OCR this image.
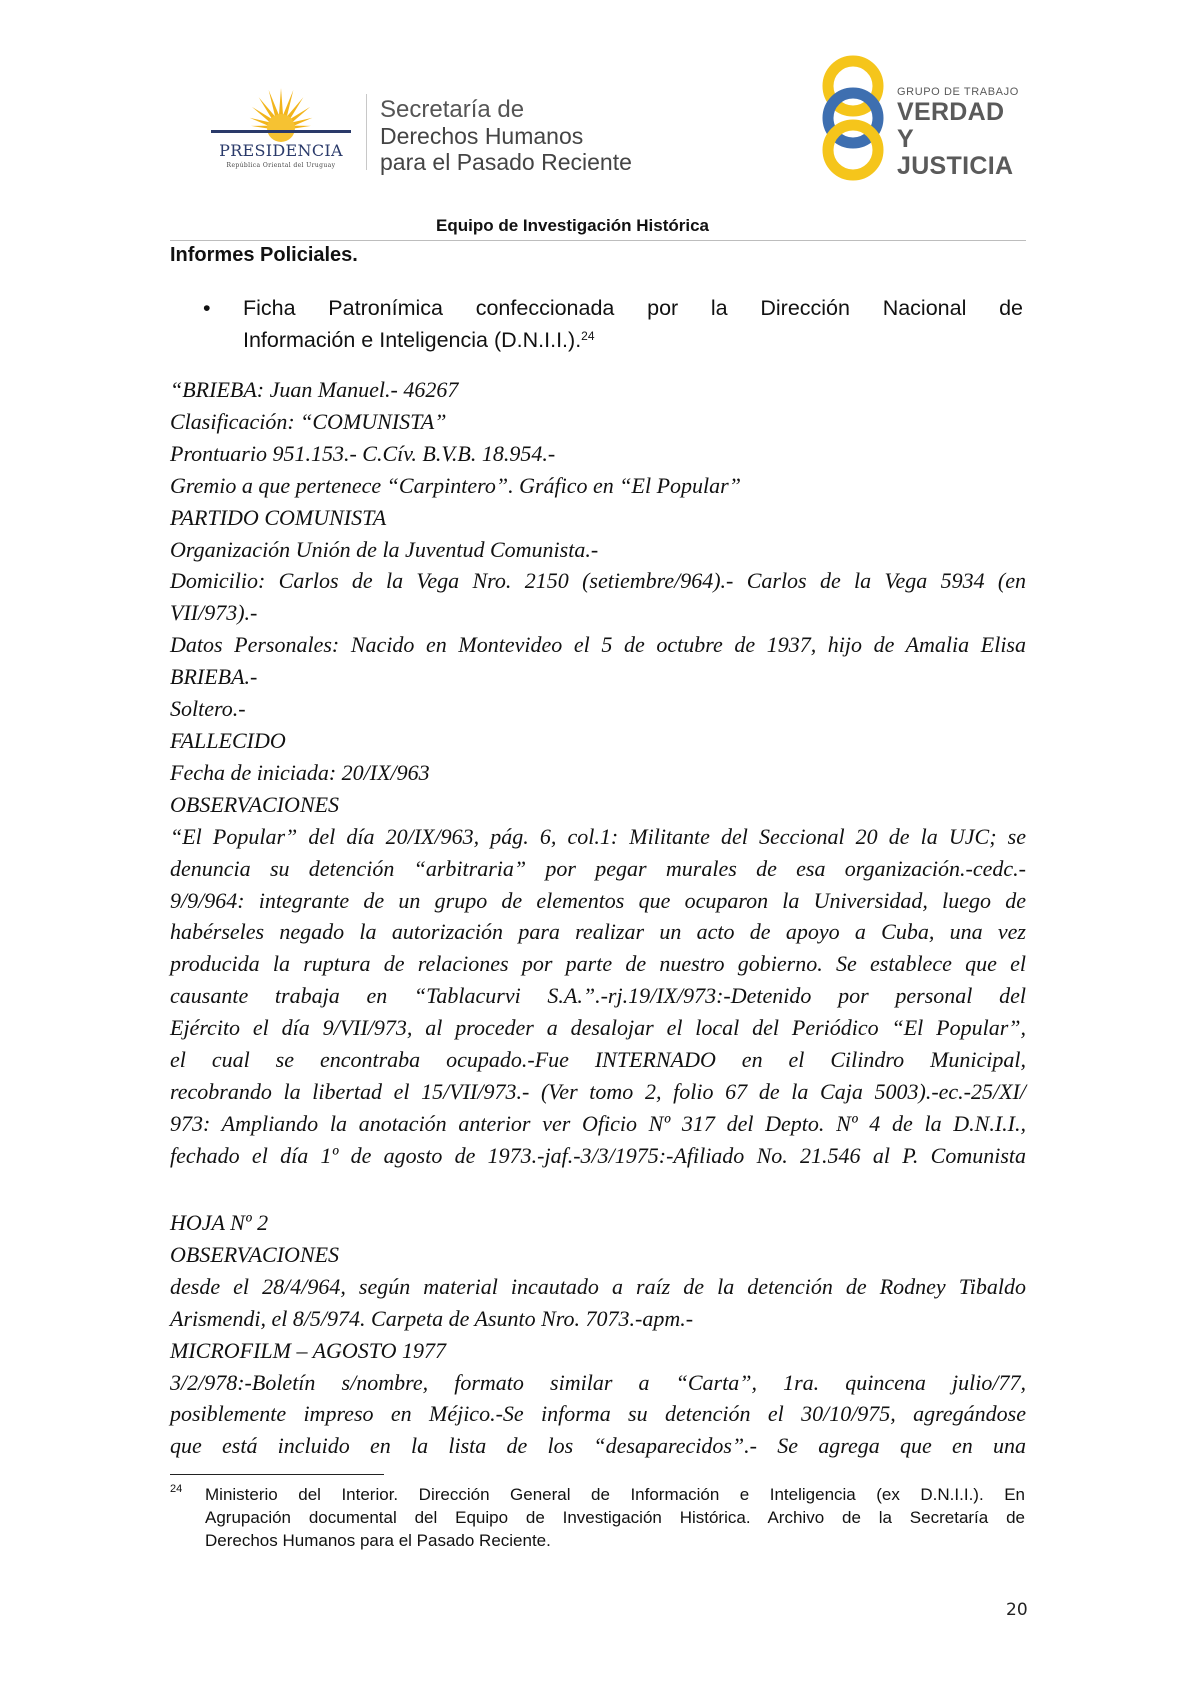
PRESIDENCIA
República Oriental del Uruguay
Secretaría de
Derechos Humanos
para el Pasado Reciente
GRUPO DE TRABAJO
VERDAD Y
JUSTICIA
Equipo de Investigación Histórica
Informes Policiales.
• Ficha Patronímica confeccionada por la Dirección Nacional de
Información e Inteligencia (D.N.I.I.).$^{24}$
“BRIEBA: Juan Manuel.- 46267
Clasificación: “COMUNISTA”
Prontuario 951.153.- C.Cív. B.V.B. 18.954.-
Gremio a que pertenece “Carpintero”. Gráfico en “El Popular”
PARTIDO COMUNISTA
Organización Unión de la Juventud Comunista.-
Domicilio: Carlos de la Vega Nro. 2150 (setiembre/964).- Carlos de la Vega 5934 (en
VII/973).-
Datos Personales: Nacido en Montevideo el 5 de octubre de 1937, hijo de Amalia Elisa
BRIEBA.-
Soltero.-
FALLECIDO
Fecha de iniciada: 20/IX/963
OBSERVACIONES
“El Popular” del día 20/IX/963, pág. 6, col.1: Militante del Seccional 20 de la UJC; se
denuncia su detención “arbitraria” por pegar murales de esa organización.-cedc.-
9/9/964: integrante de un grupo de elementos que ocuparon la Universidad, luego de
habérseles negado la autorización para realizar un acto de apoyo a Cuba, una vez
producida la ruptura de relaciones por parte de nuestro gobierno. Se establece que el
causante trabaja en “Tablacurvi S.A.”.-rj.19/IX/973:-Detenido por personal del
Ejército el día 9/VII/973, al proceder a desalojar el local del Periódico “El Popular”,
el cual se encontraba ocupado.-Fue INTERNADO en el Cilindro Municipal,
recobrando la libertad el 15/VII/973.- (Ver tomo 2, folio 67 de la Caja 5003).-ec.-25/XI/
973: Ampliando la anotación anterior ver Oficio Nº 317 del Depto. Nº 4 de la D.N.I.I.,
fechado el día 1º de agosto de 1973.-jaf.-3/3/1975:-Afiliado No. 21.546 al P. Comunista
HOJA Nº 2
OBSERVACIONES
desde el 28/4/964, según material incautado a raíz de la detención de Rodney Tibaldo
Arismendi, el 8/5/974. Carpeta de Asunto Nro. 7073.-apm.-
MICROFILM – AGOSTO 1977
3/2/978:-Boletín s/nombre, formato similar a “Carta”, 1ra. quincena julio/77,
posiblemente impreso en Méjico.-Se informa su detención el 30/10/975, agregándose
que está incluido en la lista de los “desaparecidos”.- Se agrega que en una
24 Ministerio del Interior. Dirección General de Información e Inteligencia (ex D.N.I.I.). En
Agrupación documental del Equipo de Investigación Histórica. Archivo de la Secretaría de
Derechos Humanos para el Pasado Reciente.
20
